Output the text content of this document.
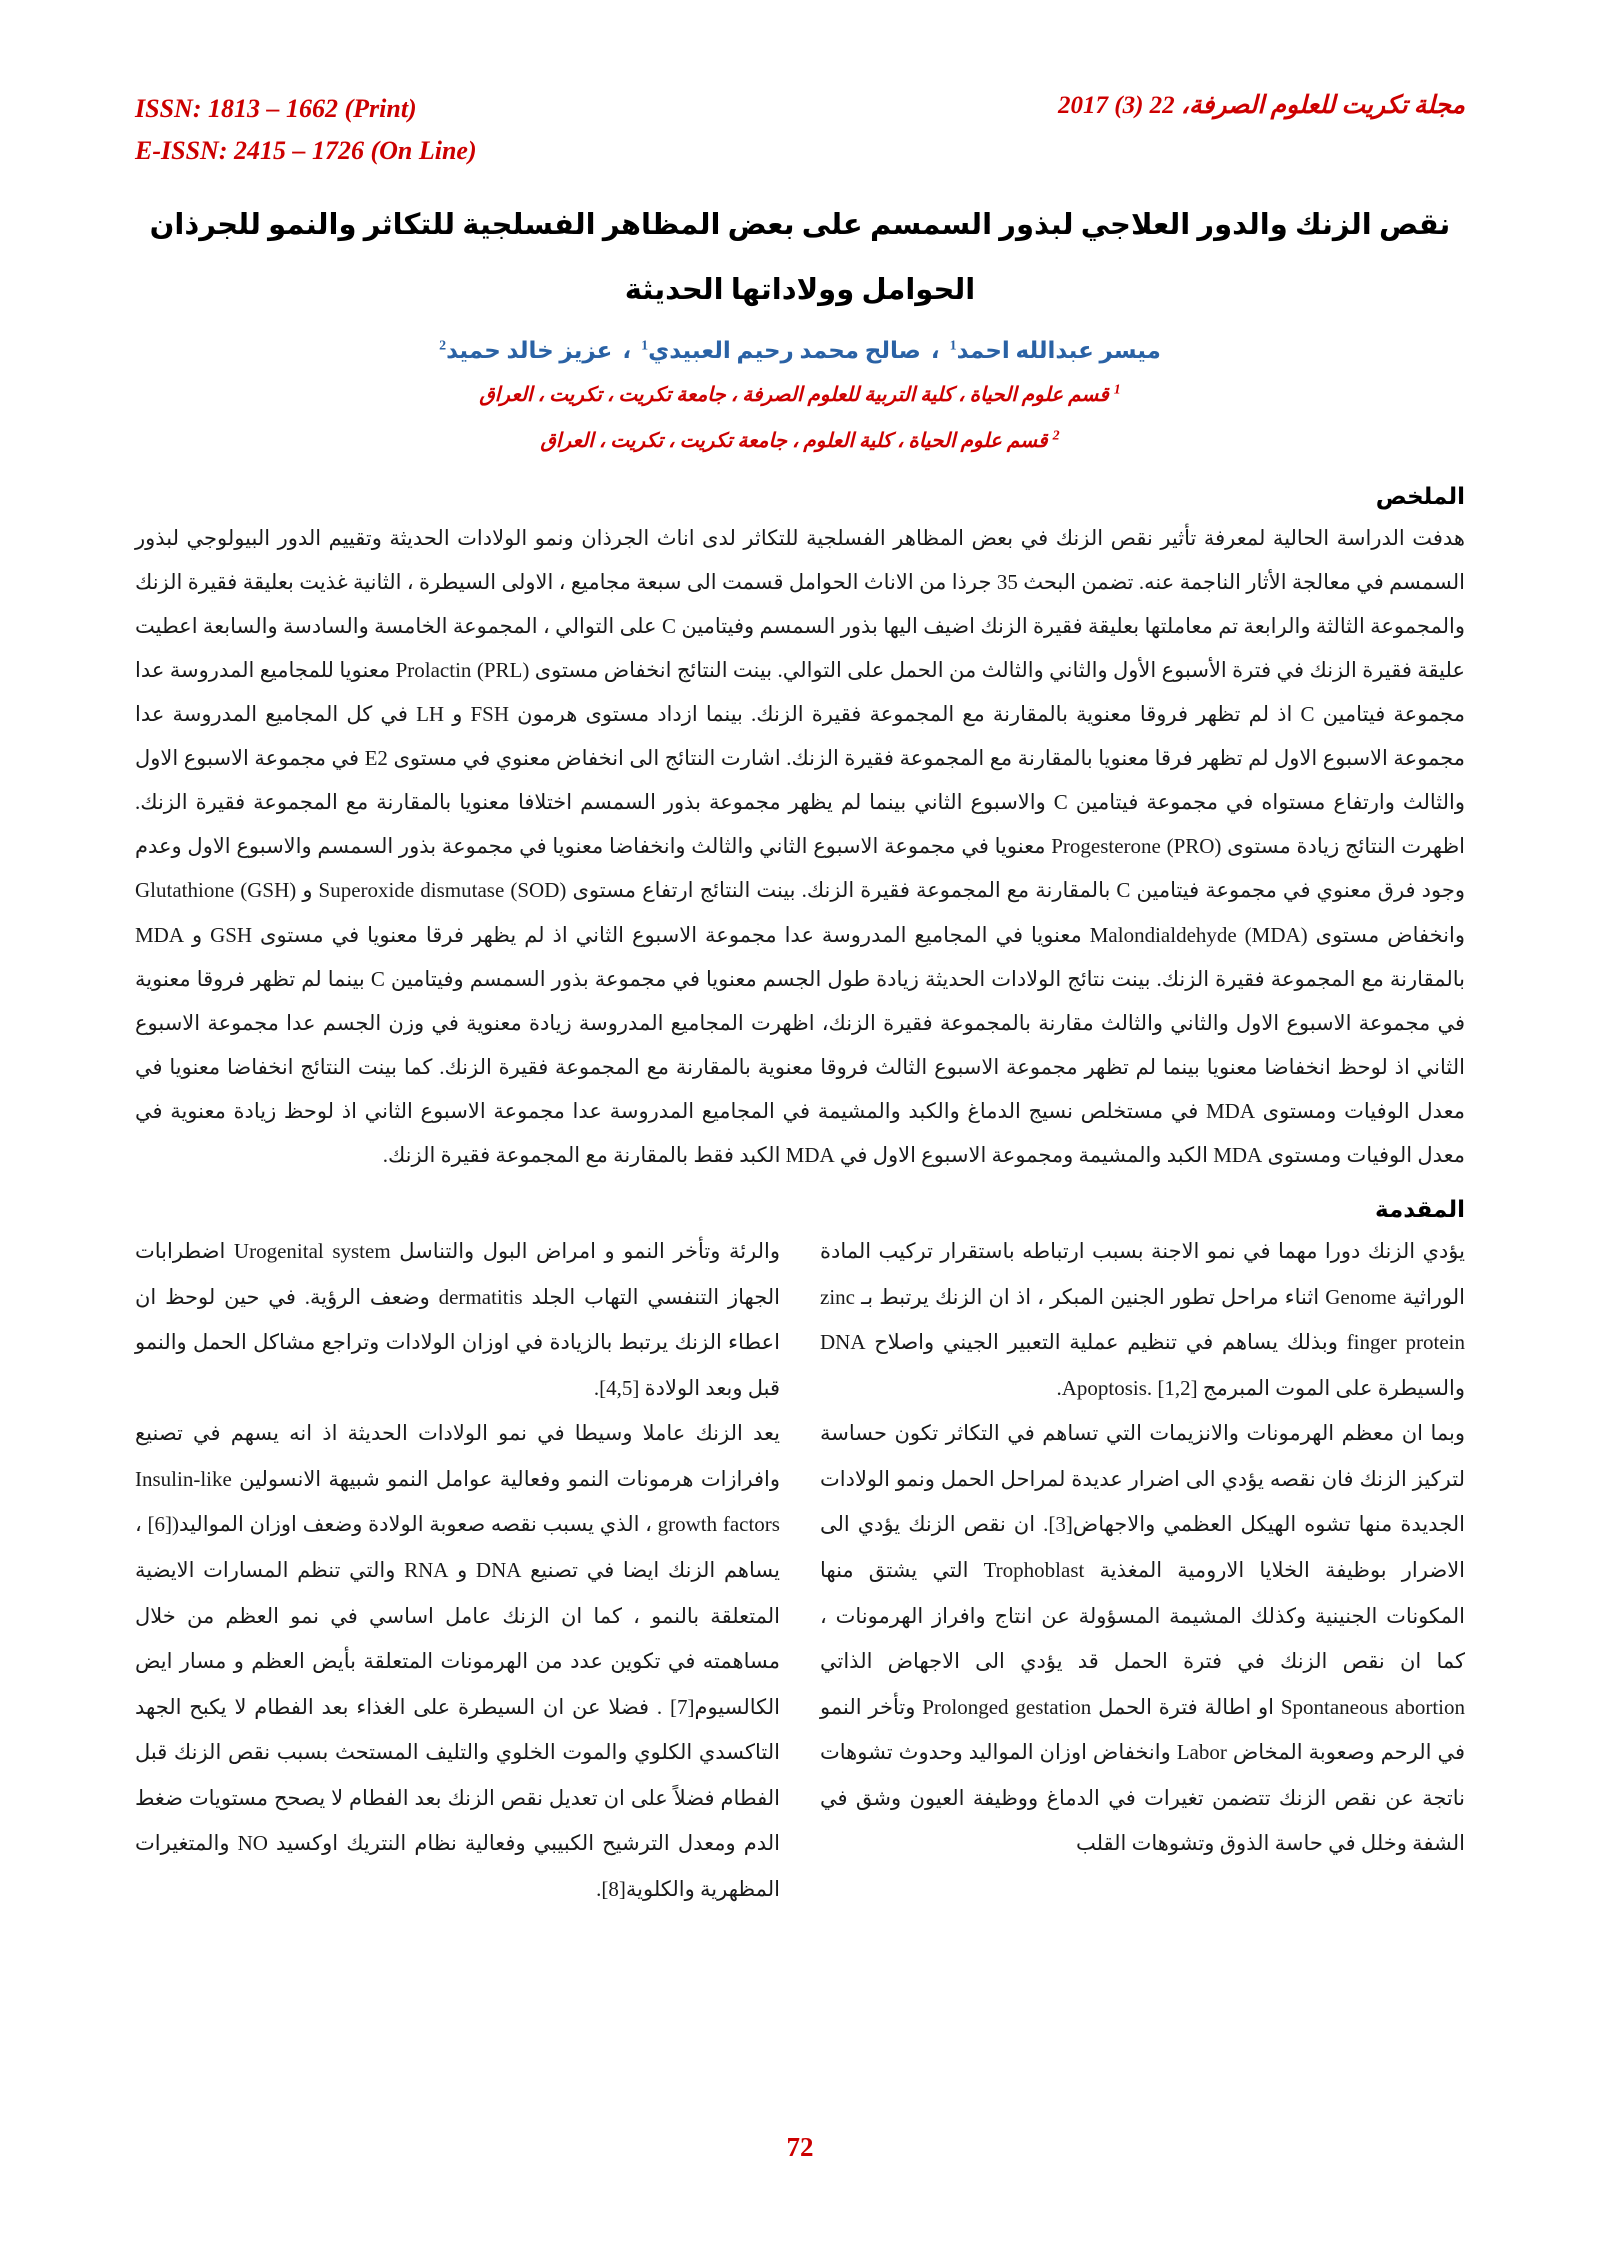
ISSN: 1813 – 1662 (Print)
E-ISSN: 2415 – 1726 (On Line)
مجلة تكريت للعلوم الصرفة، 22 (3) 2017
نقص الزنك والدور العلاجي لبذور السمسم على بعض المظاهر الفسلجية للتكاثر والنمو للجرذان
الحوامل وولاداتها الحديثة
ميسر عبدالله احمد$^1$،صالح محمد رحيم العبيدي$^1$،عزيز خالد حميد$^2$
$^1$ قسم علوم الحياة ، كلية التربية للعلوم الصرفة ، جامعة تكريت ، تكريت ، العراق
$^2$ قسم علوم الحياة ، كلية العلوم ، جامعة تكريت ، تكريت ، العراق
الملخص

هدفت الدراسة الحالية لمعرفة تأثير نقص الزنك في بعض المظاهر الفسلجية للتكاثر لدى اناث الجرذان ونمو الولادات الحديثة وتقييم الدور البيولوجي لبذور السمسم في معالجة الأثار الناجمة عنه. تضمن البحث 35 جرذا من الاناث الحوامل قسمت الى سبعة مجاميع ، الاولى السيطرة ، الثانية غذيت بعليقة فقيرة الزنك والمجموعة الثالثة والرابعة تم معاملتها بعليقة فقيرة الزنك اضيف اليها بذور السمسم وفيتامين C على التوالي ، المجموعة الخامسة والسادسة والسابعة اعطيت عليقة فقيرة الزنك في فترة الأسبوع الأول والثاني والثالث من الحمل على التوالي. بينت النتائج انخفاض مستوى Prolactin (PRL) معنويا للمجاميع المدروسة عدا مجموعة فيتامين C اذ لم تظهر فروقا معنوية بالمقارنة مع المجموعة فقيرة الزنك. بينما ازداد مستوى هرمون FSH و LH في كل المجاميع المدروسة عدا مجموعة الاسبوع الاول لم تظهر فرقا معنويا بالمقارنة مع المجموعة فقيرة الزنك. اشارت النتائج الى انخفاض معنوي في مستوى E2 في مجموعة الاسبوع الاول والثالث وارتفاع مستواه في مجموعة فيتامين C والاسبوع الثاني بينما لم يظهر مجموعة بذور السمسم اختلافا معنويا بالمقارنة مع المجموعة فقيرة الزنك. اظهرت النتائج زيادة مستوى Progesterone (PRO) معنويا في مجموعة الاسبوع الثاني والثالث وانخفاضا معنويا في مجموعة بذور السمسم والاسبوع الاول وعدم وجود فرق معنوي في مجموعة فيتامين C بالمقارنة مع المجموعة فقيرة الزنك. بينت النتائج ارتفاع مستوى Superoxide dismutase (SOD) و Glutathione (GSH) وانخفاض مستوى Malondialdehyde (MDA) معنويا في المجاميع المدروسة عدا مجموعة الاسبوع الثاني اذ لم يظهر فرقا معنويا في مستوى GSH و MDA بالمقارنة مع المجموعة فقيرة الزنك. بينت نتائج الولادات الحديثة زيادة طول الجسم معنويا في مجموعة بذور السمسم وفيتامين C بينما لم تظهر فروقا معنوية في مجموعة الاسبوع الاول والثاني والثالث مقارنة بالمجموعة فقيرة الزنك، اظهرت المجاميع المدروسة زيادة معنوية في وزن الجسم عدا مجموعة الاسبوع الثاني اذ لوحظ انخفاضا معنويا بينما لم تظهر مجموعة الاسبوع الثالث فروقا معنوية بالمقارنة مع المجموعة فقيرة الزنك. كما بينت النتائج انخفاضا معنويا في معدل الوفيات ومستوى MDA في مستخلص نسيج الدماغ والكبد والمشيمة في المجاميع المدروسة عدا مجموعة الاسبوع الثاني اذ لوحظ زيادة معنوية في معدل الوفيات ومستوى MDA الكبد والمشيمة ومجموعة الاسبوع الاول في MDA الكبد فقط بالمقارنة مع المجموعة فقيرة الزنك.

المقدمة

يؤدي الزنك دورا مهما في نمو الاجنة بسبب ارتباطه باستقرار تركيب المادة الوراثية Genome اثناء مراحل تطور الجنين المبكر ، اذ ان الزنك يرتبط بـ zinc finger protein وبذلك يساهم في تنظيم عملية التعبير الجيني واصلاح DNA والسيطرة على الموت المبرمج Apoptosis. [1,2].

وبما ان معظم الهرمونات والانزيمات التي تساهم في التكاثر تكون حساسة لتركيز الزنك فان نقصه يؤدي الى اضرار عديدة لمراحل الحمل ونمو الولادات الجديدة منها تشوه الهيكل العظمي والاجهاض[3]. ان نقص الزنك يؤدي الى الاضرار بوظيفة الخلايا الارومية المغذية Trophoblast التي يشتق منها المكونات الجنينية وكذلك المشيمة المسؤولة عن انتاج وافراز الهرمونات ، كما ان نقص الزنك في فترة الحمل قد يؤدي الى الاجهاض الذاتي Spontaneous abortion او اطالة فترة الحمل Prolonged gestation وتأخر النمو في الرحم وصعوبة المخاض Labor وانخفاض اوزان المواليد وحدوث تشوهات ناتجة عن نقص الزنك تتضمن تغيرات في الدماغ ووظيفة العيون وشق في الشفة وخلل في حاسة الذوق وتشوهات القلب

والرئة وتأخر النمو و امراض البول والتناسل Urogenital system اضطرابات الجهاز التنفسي التهاب الجلد dermatitis وضعف الرؤية. في حين لوحظ ان اعطاء الزنك يرتبط بالزيادة في اوزان الولادات وتراجع مشاكل الحمل والنمو قبل وبعد الولادة [4,5].

يعد الزنك عاملا وسيطا في نمو الولادات الحديثة اذ انه يسهم في تصنيع وافرازات هرمونات النمو وفعالية عوامل النمو شبيهة الانسولين Insulin-like growth factors ، الذي يسبب نقصه صعوبة الولادة وضعف اوزان المواليد([6] ، يساهم الزنك ايضا في تصنيع DNA و RNA والتي تنظم المسارات الايضية المتعلقة بالنمو ، كما ان الزنك عامل اساسي في نمو العظم من خلال مساهمته في تكوين عدد من الهرمونات المتعلقة بأيض العظم و مسار ايض الكالسيوم[7] . فضلا عن ان السيطرة على الغذاء بعد الفطام لا يكبح الجهد التاكسدي الكلوي والموت الخلوي والتليف المستحث بسبب نقص الزنك قبل الفطام فضلاً على ان تعديل نقص الزنك بعد الفطام لا يصحح مستويات ضغط الدم ومعدل الترشيح الكبيبي وفعالية نظام النتريك اوكسيد NO والمتغيرات المظهرية والكلوية[8].

72
